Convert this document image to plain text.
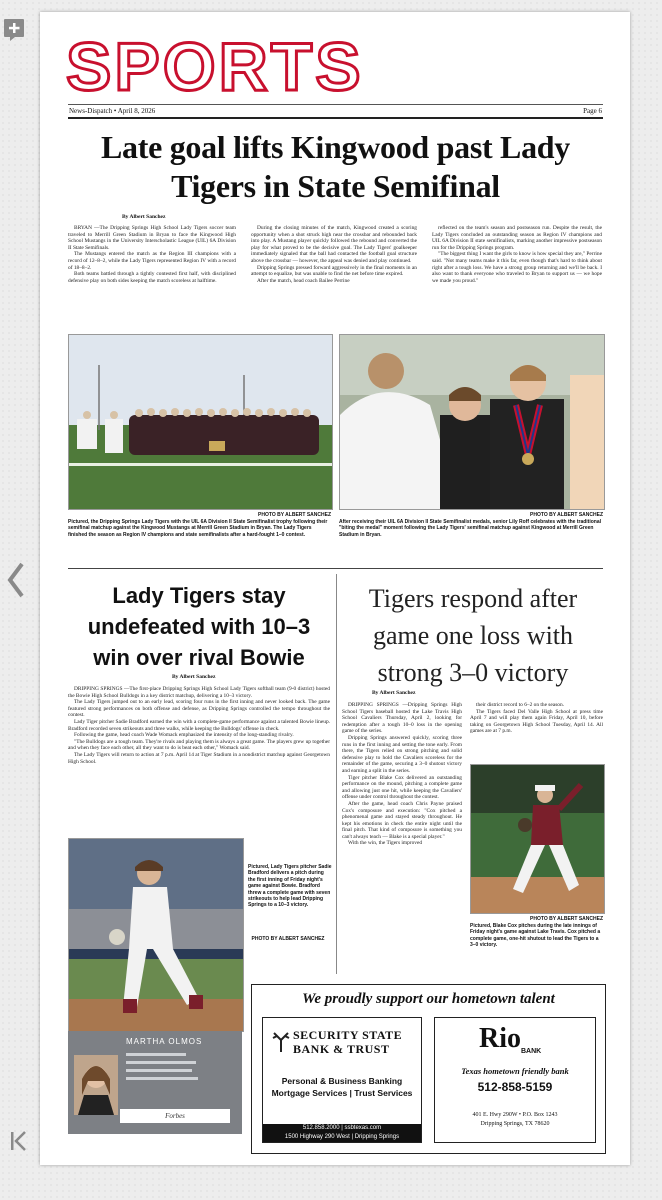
SPORTS
News-Dispatch • April 8, 2026	Page 6
Late goal lifts Kingwood past Lady Tigers in State Semifinal
By Albert Sanchez

BRYAN —The Dripping Springs High School Lady Tigers soccer team traveled to Merrill Green Stadium in Bryan to face the Kingwood High School Mustangs in the University Interscholastic League (UIL) 6A Division II State Semifinals.

The Mustangs entered the match as the Region III champions with a record of 12–8–2, while the Lady Tigers represented Region IV with a record of 18–8–2.

Both teams battled through a tightly contested first half, with disciplined defensive play on both sides keeping the match scoreless at halftime.

During the closing minutes of the match, Kingwood created a scoring opportunity when a shot struck high near the crossbar and rebounded back into play. A Mustang player quickly followed the rebound and converted the play for what proved to be the decisive goal. The Lady Tigers' goalkeeper immediately signaled that the ball had contacted the football goal structure above the crossbar — however, the appeal was denied and play continued.

Dripping Springs pressed forward aggressively in the final moments in an attempt to equalize, but was unable to find the net before time expired.

After the match, head coach Bailee Perrine

reflected on the team's season and postseason run. Despite the result, the Lady Tigers concluded an outstanding season as Region IV champions and UIL 6A Division II state semifinalists, marking another impressive postseason run for the Dripping Springs program.

"The biggest thing I want the girls to know is how special they are," Perrine said. "Not many teams make it this far, even though that's hard to think about right after a tough loss. We have a strong group returning and we'll be back. I also want to thank everyone who traveled to Bryan to support us — we hope we made you proud."

PHOTO BY ALBERT SANCHEZ
Pictured, the Dripping Springs Lady Tigers with the UIL 6A Division II State Semifinalist trophy following their semifinal matchup against the Kingwood Mustangs at Merrill Green Stadium in Bryan. The Lady Tigers finished the season as Region IV champions and state semifinalists after a hard-fought 1–0 contest.
PHOTO BY ALBERT SANCHEZ
After receiving their UIL 6A Division II State Semifinalist medals, senior Lily Roff celebrates with the traditional "biting the medal" moment following the Lady Tigers' semifinal matchup against Kingwood at Merrill Green Stadium in Bryan.
Lady Tigers stay undefeated with 10–3 win over rival Bowie
By Albert Sanchez

DRIPPING SPRINGS —The first-place Dripping Springs High School Lady Tigers softball team (9-0 district) hosted the Bowie High School Bulldogs in a key district matchup, delivering a 10–3 victory.

The Lady Tigers jumped out to an early lead, scoring four runs in the first inning and never looked back. The game featured strong performances on both offense and defense, as Dripping Springs controlled the tempo throughout the contest.

Lady Tiger pitcher Sadie Bradford earned the win with a complete-game performance against a talented Bowie lineup. Bradford recorded seven strikeouts and three walks, while keeping the Bulldogs' offense in check.

Following the game, head coach Wade Womack emphasized the intensity of the long-standing rivalry.

"The Bulldogs are a tough team. They're rivals and playing them is always a great game. The players grew up together and when they face each other, all they want to do is beat each other," Womack said.

The Lady Tigers will return to action at 7 p.m. April 14 at Tiger Stadium in a nondistrict matchup against Georgetown High School.

Pictured, Lady Tigers pitcher Sadie Bradford delivers a pitch during the first inning of Friday night's game against Bowie. Bradford threw a complete game with seven strikeouts to help lead Dripping Springs to a 10–3 victory.
PHOTO BY ALBERT SANCHEZ
Tigers respond after game one loss with strong 3–0 victory
By Albert Sanchez

DRIPPING SPRINGS —Dripping Springs High School Tigers baseball hosted the Lake Travis High School Cavaliers Thursday, April 2, looking for redemption after a tough 10–0 loss in the opening game of the series.

Dripping Springs answered quickly, scoring three runs in the first inning and setting the tone early. From there, the Tigers relied on strong pitching and solid defensive play to hold the Cavaliers scoreless for the remainder of the game, securing a 3–0 shutout victory and earning a split in the series.

Tiger pitcher Blake Cox delivered an outstanding performance on the mound, pitching a complete game and allowing just one hit, while keeping the Cavaliers' offense under control throughout the contest.

After the game, head coach Chris Payne praised Cox's composure and execution: "Cox pitched a phenomenal game and stayed steady throughout. He kept his emotions in check the entire night until the final pitch. That kind of composure is something you can't always teach — Blake is a special player."

With the win, the Tigers improved

their district record to 6–2 on the season.

The Tigers faced Del Valle High School at press time April 7 and will play them again Friday, April 10, before taking on Georgetown High School Tuesday, April 14. All games are at 7 p.m.

PHOTO BY ALBERT SANCHEZ
Pictured, Blake Cox pitches during the late innings of Friday night's game against Lake Travis. Cox pitched a complete game, one-hit shutout to lead the Tigers to a 3–0 victory.
MARTHA OLMOS
Forbes
We proudly support our hometown talent
SECURITY STATE
BANK & TRUST
Personal & Business Banking
Mortgage Services | Trust Services
512.858.2000 | ssbtexas.com
1500 Highway 290 West | Dripping Springs
Rio BANK
Texas hometown friendly bank
512-858-5159
401 E. Hwy 290W • P.O. Box 1243
Dripping Springs, TX 78620
